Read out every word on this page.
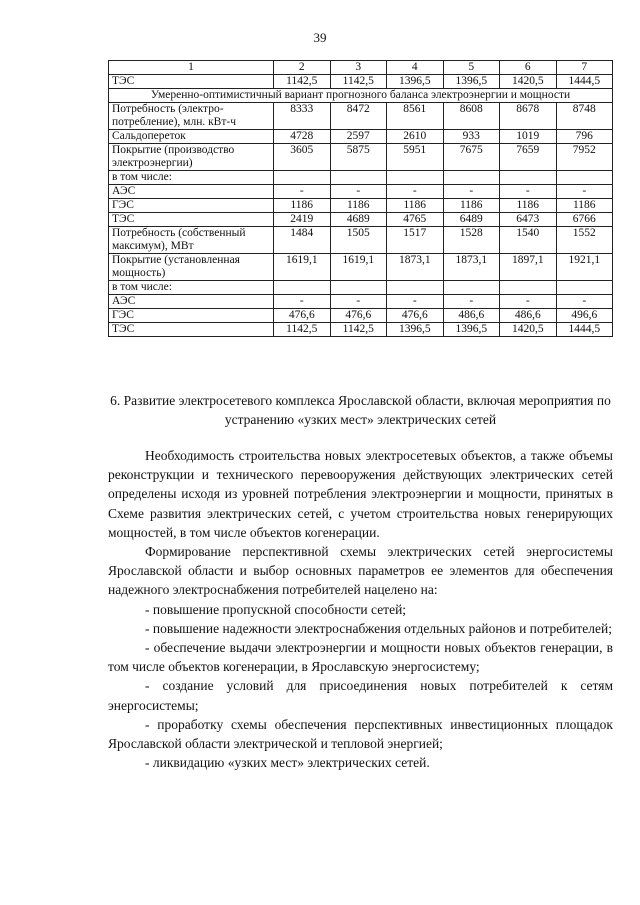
39
1	2	3	4	5	6	7
ТЭС	1142,5	1142,5	1396,5	1396,5	1420,5	1444,5
Умеренно-оптимистичный вариант прогнозного баланса электроэнергии и мощности						
Потребность (электро-потребление), млн. кВт-ч	8333	8472	8561	8608	8678	8748
Сальдопереток	4728	2597	2610	933	1019	796
Покрытие (производство электроэнергии)	3605	5875	5951	7675	7659	7952
в том числе:						
АЭС	-	-	-	-	-	-
ГЭС	1186	1186	1186	1186	1186	1186
ТЭС	2419	4689	4765	6489	6473	6766
Потребность (собственный максимум), МВт	1484	1505	1517	1528	1540	1552
Покрытие (установленная мощность)	1619,1	1619,1	1873,1	1873,1	1897,1	1921,1
в том числе:						
АЭС	-	-	-	-	-	-
ГЭС	476,6	476,6	476,6	486,6	486,6	496,6
ТЭС	1142,5	1142,5	1396,5	1396,5	1420,5	1444,5
6. Развитие электросетевого комплекса Ярославской области, включая мероприятия по устранению «узких мест» электрических сетей

Необходимость строительства новых электросетевых объектов, а также объемы реконструкции и технического перевооружения действующих электрических сетей определены исходя из уровней потребления электроэнергии и мощности, принятых в Схеме развития электрических сетей, с учетом строительства новых генерирующих мощностей, в том числе объектов когенерации.

Формирование перспективной схемы электрических сетей энергосистемы Ярославской области и выбор основных параметров ее элементов для обеспечения надежного электроснабжения потребителей нацелено на:

- повышение пропускной способности сетей;

- повышение надежности электроснабжения отдельных районов и потребителей;

- обеспечение выдачи электроэнергии и мощности новых объектов генерации, в том числе объектов когенерации, в Ярославскую энергосистему;

- создание условий для присоединения новых потребителей к сетям энергосистемы;

- проработку схемы обеспечения перспективных инвестиционных площадок Ярославской области электрической и тепловой энергией;

- ликвидацию «узких мест» электрических сетей.
